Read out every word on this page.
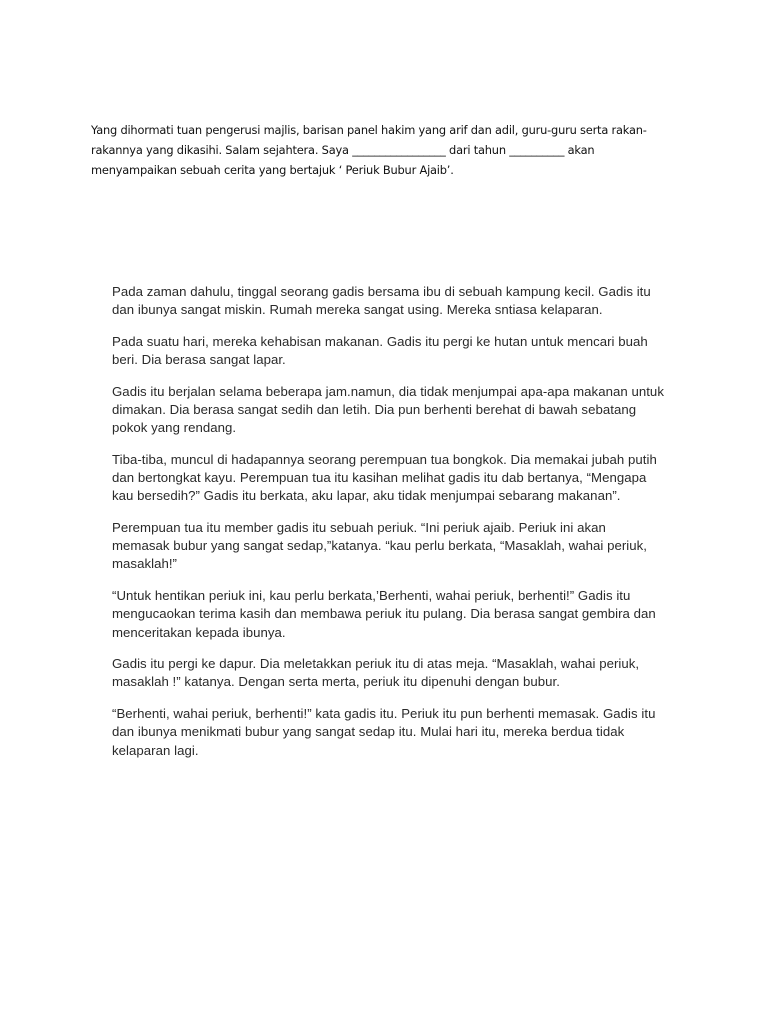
Yang dihormati tuan pengerusi majlis, barisan panel hakim yang arif dan adil, guru-guru serta rakan-rakannya yang dikasihi. Salam sejahtera. Saya _________________ dari tahun __________ akan menyampaikan sebuah cerita yang bertajuk ‘ Periuk Bubur Ajaib’.

Pada zaman dahulu, tinggal seorang gadis bersama ibu di sebuah kampung kecil. Gadis itu dan ibunya sangat miskin. Rumah mereka sangat using. Mereka sntiasa kelaparan.

Pada suatu hari, mereka kehabisan makanan. Gadis itu pergi ke hutan untuk mencari buah beri. Dia berasa sangat lapar.

Gadis itu berjalan selama beberapa jam.namun, dia tidak menjumpai apa-apa makanan untuk dimakan. Dia berasa sangat sedih dan letih. Dia pun berhenti berehat di bawah sebatang pokok yang rendang.

Tiba-tiba, muncul di hadapannya seorang perempuan tua bongkok. Dia memakai jubah putih dan bertongkat kayu. Perempuan tua itu kasihan melihat gadis itu dab bertanya, “Mengapa kau bersedih?” Gadis itu berkata, aku lapar, aku tidak menjumpai sebarang makanan”.

Perempuan tua itu member gadis itu sebuah periuk. “Ini periuk ajaib. Periuk ini akan memasak bubur yang sangat sedap,”katanya. “kau perlu berkata, “Masaklah, wahai periuk, masaklah!”

“Untuk hentikan periuk ini, kau perlu berkata,’Berhenti, wahai periuk, berhenti!” Gadis itu mengucaokan terima kasih dan membawa periuk itu pulang. Dia berasa sangat gembira dan menceritakan kepada ibunya.

Gadis itu pergi ke dapur. Dia meletakkan periuk itu di atas meja. “Masaklah, wahai periuk, masaklah !” katanya. Dengan serta merta, periuk itu dipenuhi dengan bubur.

“Berhenti, wahai periuk, berhenti!” kata gadis itu. Periuk itu pun berhenti memasak. Gadis itu dan ibunya menikmati bubur yang sangat sedap itu. Mulai hari itu, mereka berdua tidak kelaparan lagi.
